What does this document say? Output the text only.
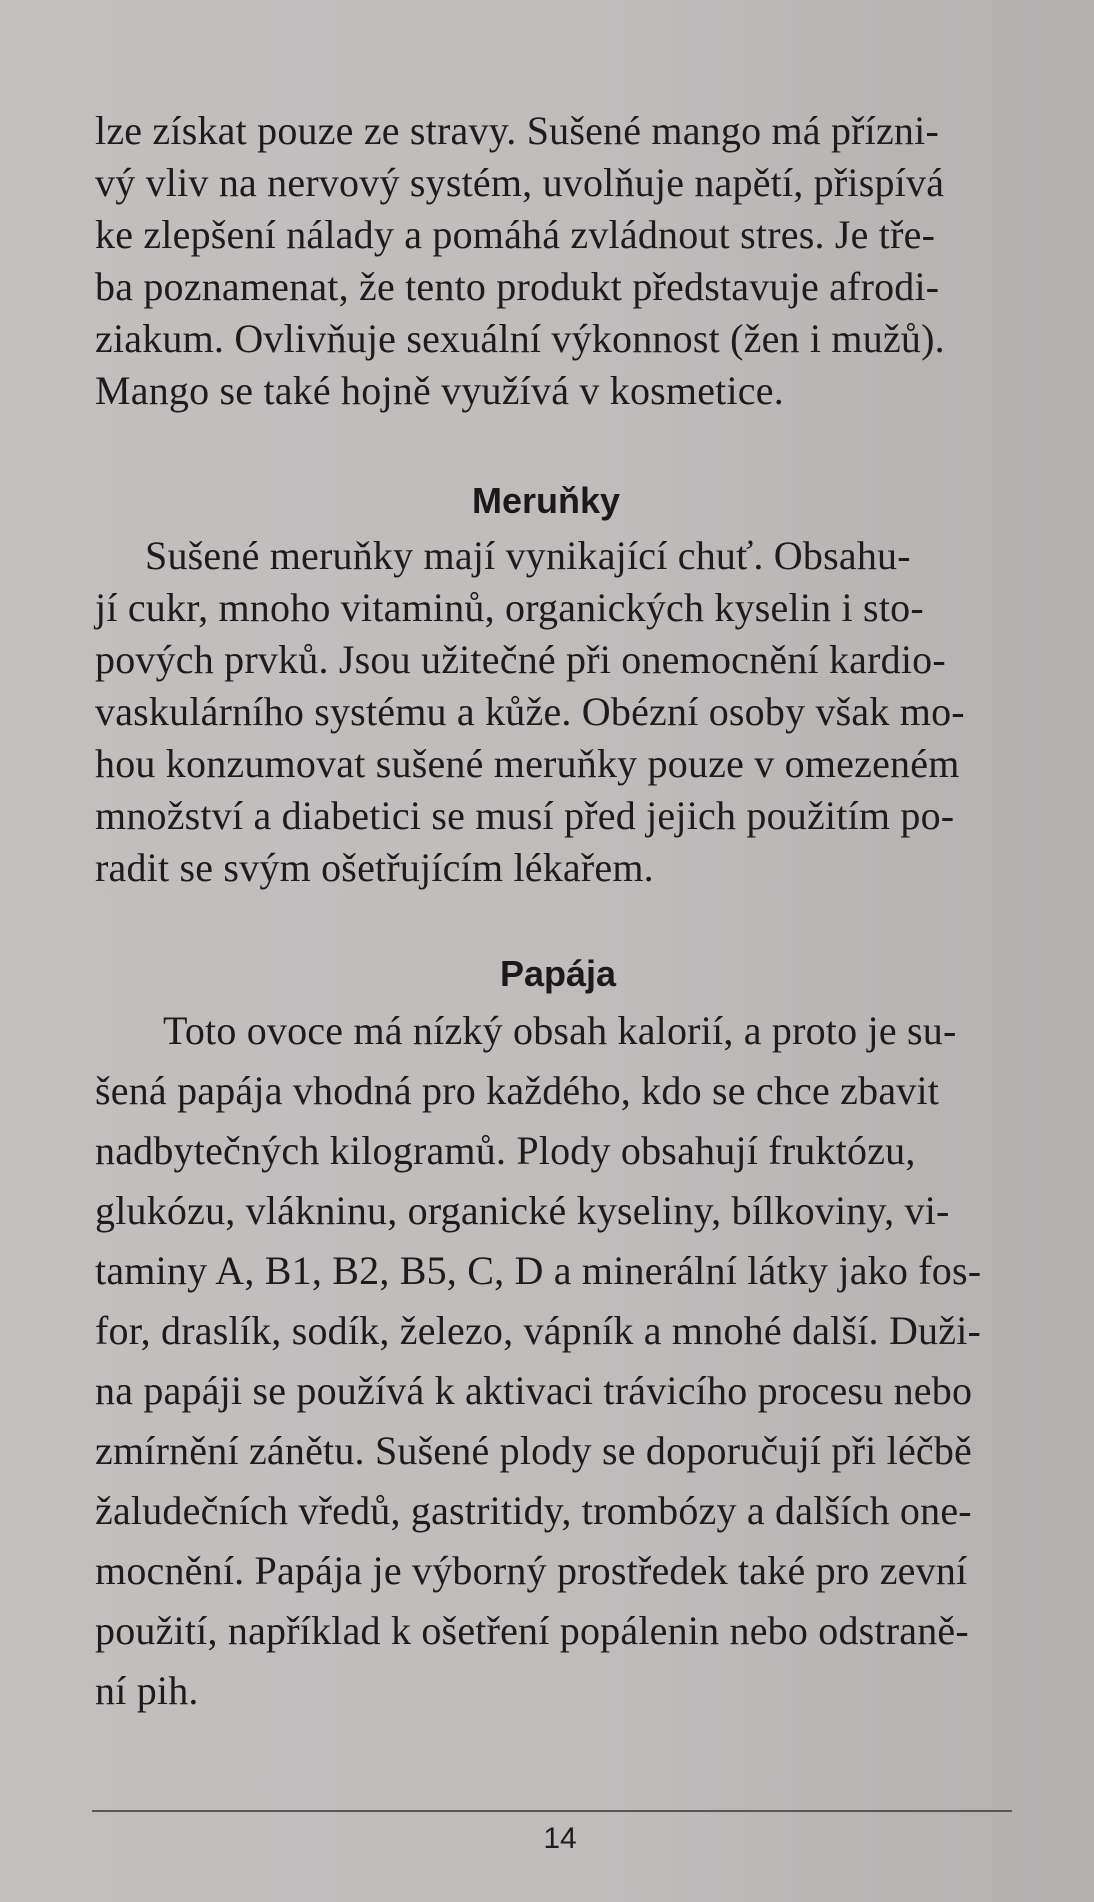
lze získat pouze ze stravy. Sušené mango má přízni-
vý vliv na nervový systém, uvolňuje napětí, přispívá
ke zlepšení nálady a pomáhá zvládnout stres. Je tře-
ba poznamenat, že tento produkt představuje afrodi-
ziakum. Ovlivňuje sexuální výkonnost (žen i mužů).
Mango se také hojně využívá v kosmetice.
Meruňky
Sušené meruňky mají vynikající chuť. Obsahu-
jí cukr, mnoho vitaminů, organických kyselin i sto-
pových prvků. Jsou užitečné při onemocnění kardio-
vaskulárního systému a kůže. Obézní osoby však mo-
hou konzumovat sušené meruňky pouze v omezeném
množství a diabetici se musí před jejich použitím po-
radit se svým ošetřujícím lékařem.
Papája
Toto ovoce má nízký obsah kalorií, a proto je su-
šená papája vhodná pro každého, kdo se chce zbavit
nadbytečných kilogramů. Plody obsahují fruktózu,
glukózu, vlákninu, organické kyseliny, bílkoviny, vi-
taminy A, B1, B2, B5, C, D a minerální látky jako fos-
for, draslík, sodík, železo, vápník a mnohé další. Duži-
na papáji se používá k aktivaci trávicího procesu nebo
zmírnění zánětu. Sušené plody se doporučují při léčbě
žaludečních vředů, gastritidy, trombózy a dalších one-
mocnění. Papája je výborný prostředek také pro zevní
použití, například k ošetření popálenin nebo odstraně-
ní pih.
14
